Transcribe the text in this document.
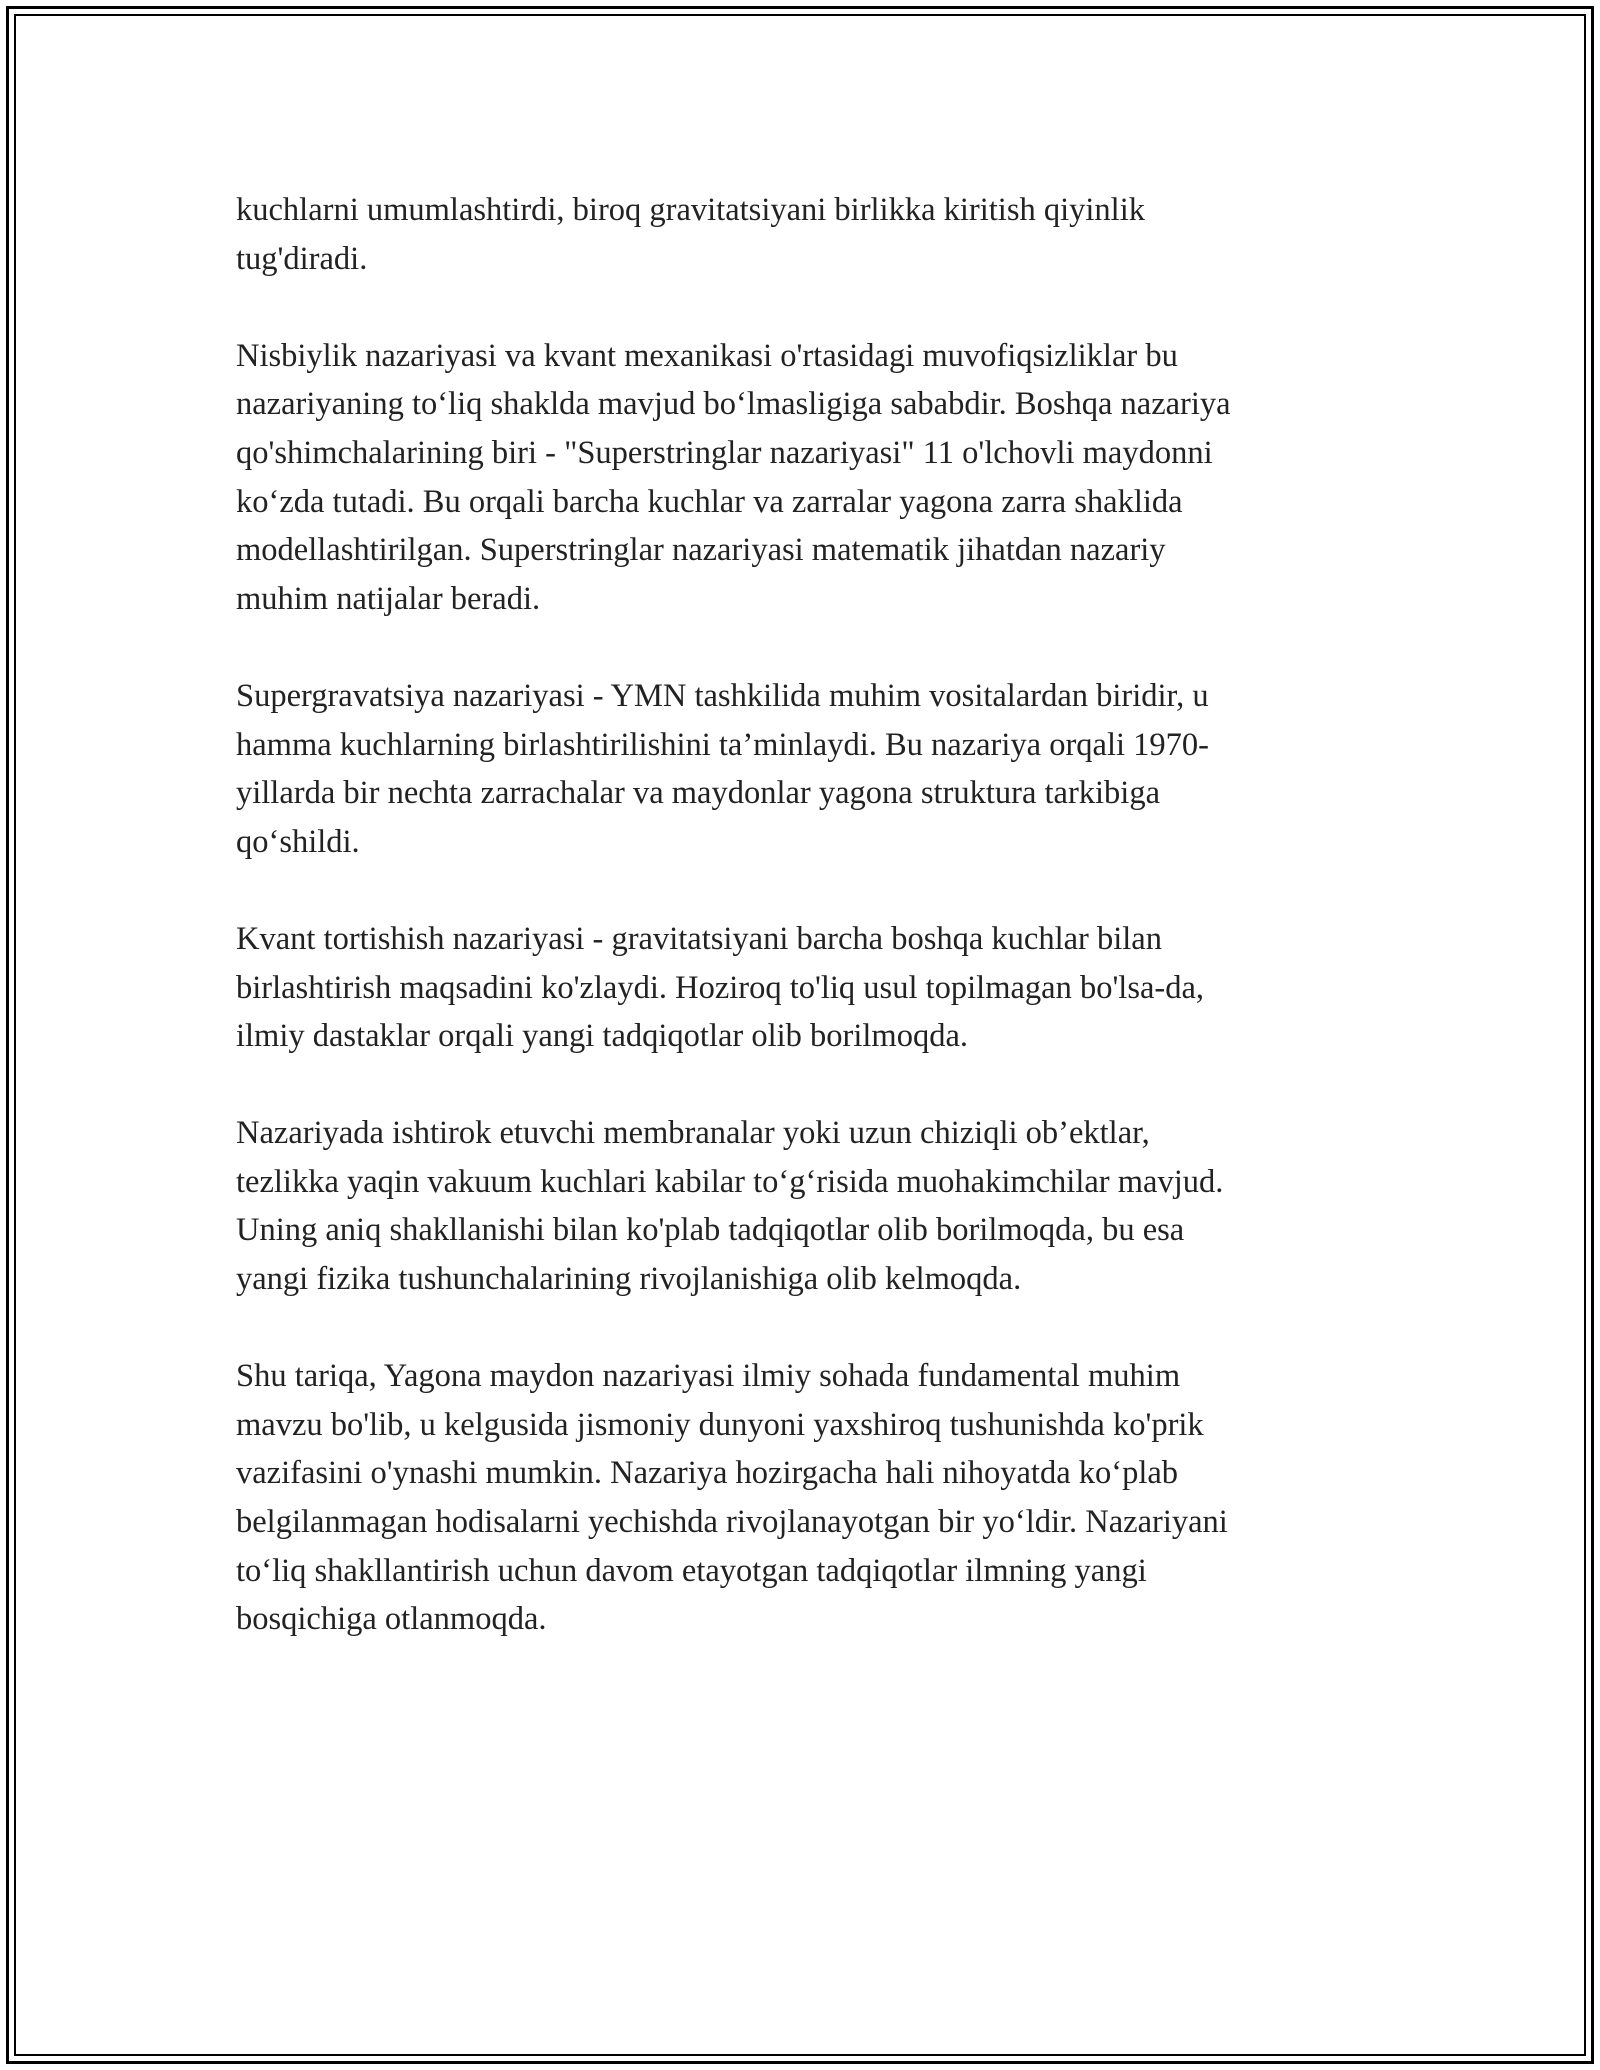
kuchlarni umumlashtirdi, biroq gravitatsiyani birlikka kiritish qiyinlik
tug'diradi.

Nisbiylik nazariyasi va kvant mexanikasi o'rtasidagi muvofiqsizliklar bu
nazariyaning to‘liq shaklda mavjud bo‘lmasligiga sababdir. Boshqa nazariya
qo'shimchalarining biri - "Superstringlar nazariyasi" 11 o'lchovli maydonni
ko‘zda tutadi. Bu orqali barcha kuchlar va zarralar yagona zarra shaklida
modellashtirilgan. Superstringlar nazariyasi matematik jihatdan nazariy
muhim natijalar beradi.

Supergravatsiya nazariyasi - YMN tashkilida muhim vositalardan biridir, u
hamma kuchlarning birlashtirilishini ta’minlaydi. Bu nazariya orqali 1970-
yillarda bir nechta zarrachalar va maydonlar yagona struktura tarkibiga
qo‘shildi.

Kvant tortishish nazariyasi - gravitatsiyani barcha boshqa kuchlar bilan
birlashtirish maqsadini ko'zlaydi. Hoziroq to'liq usul topilmagan bo'lsa-da,
ilmiy dastaklar orqali yangi tadqiqotlar olib borilmoqda.

Nazariyada ishtirok etuvchi membranalar yoki uzun chiziqli ob’ektlar,
tezlikka yaqin vakuum kuchlari kabilar to‘g‘risida muohakimchilar mavjud.
Uning aniq shakllanishi bilan ko'plab tadqiqotlar olib borilmoqda, bu esa
yangi fizika tushunchalarining rivojlanishiga olib kelmoqda.

Shu tariqa, Yagona maydon nazariyasi ilmiy sohada fundamental muhim
mavzu bo'lib, u kelgusida jismoniy dunyoni yaxshiroq tushunishda ko'prik
vazifasini o'ynashi mumkin. Nazariya hozirgacha hali nihoyatda ko‘plab
belgilanmagan hodisalarni yechishda rivojlanayotgan bir yo‘ldir. Nazariyani
to‘liq shakllantirish uchun davom etayotgan tadqiqotlar ilmning yangi
bosqichiga otlanmoqda.
